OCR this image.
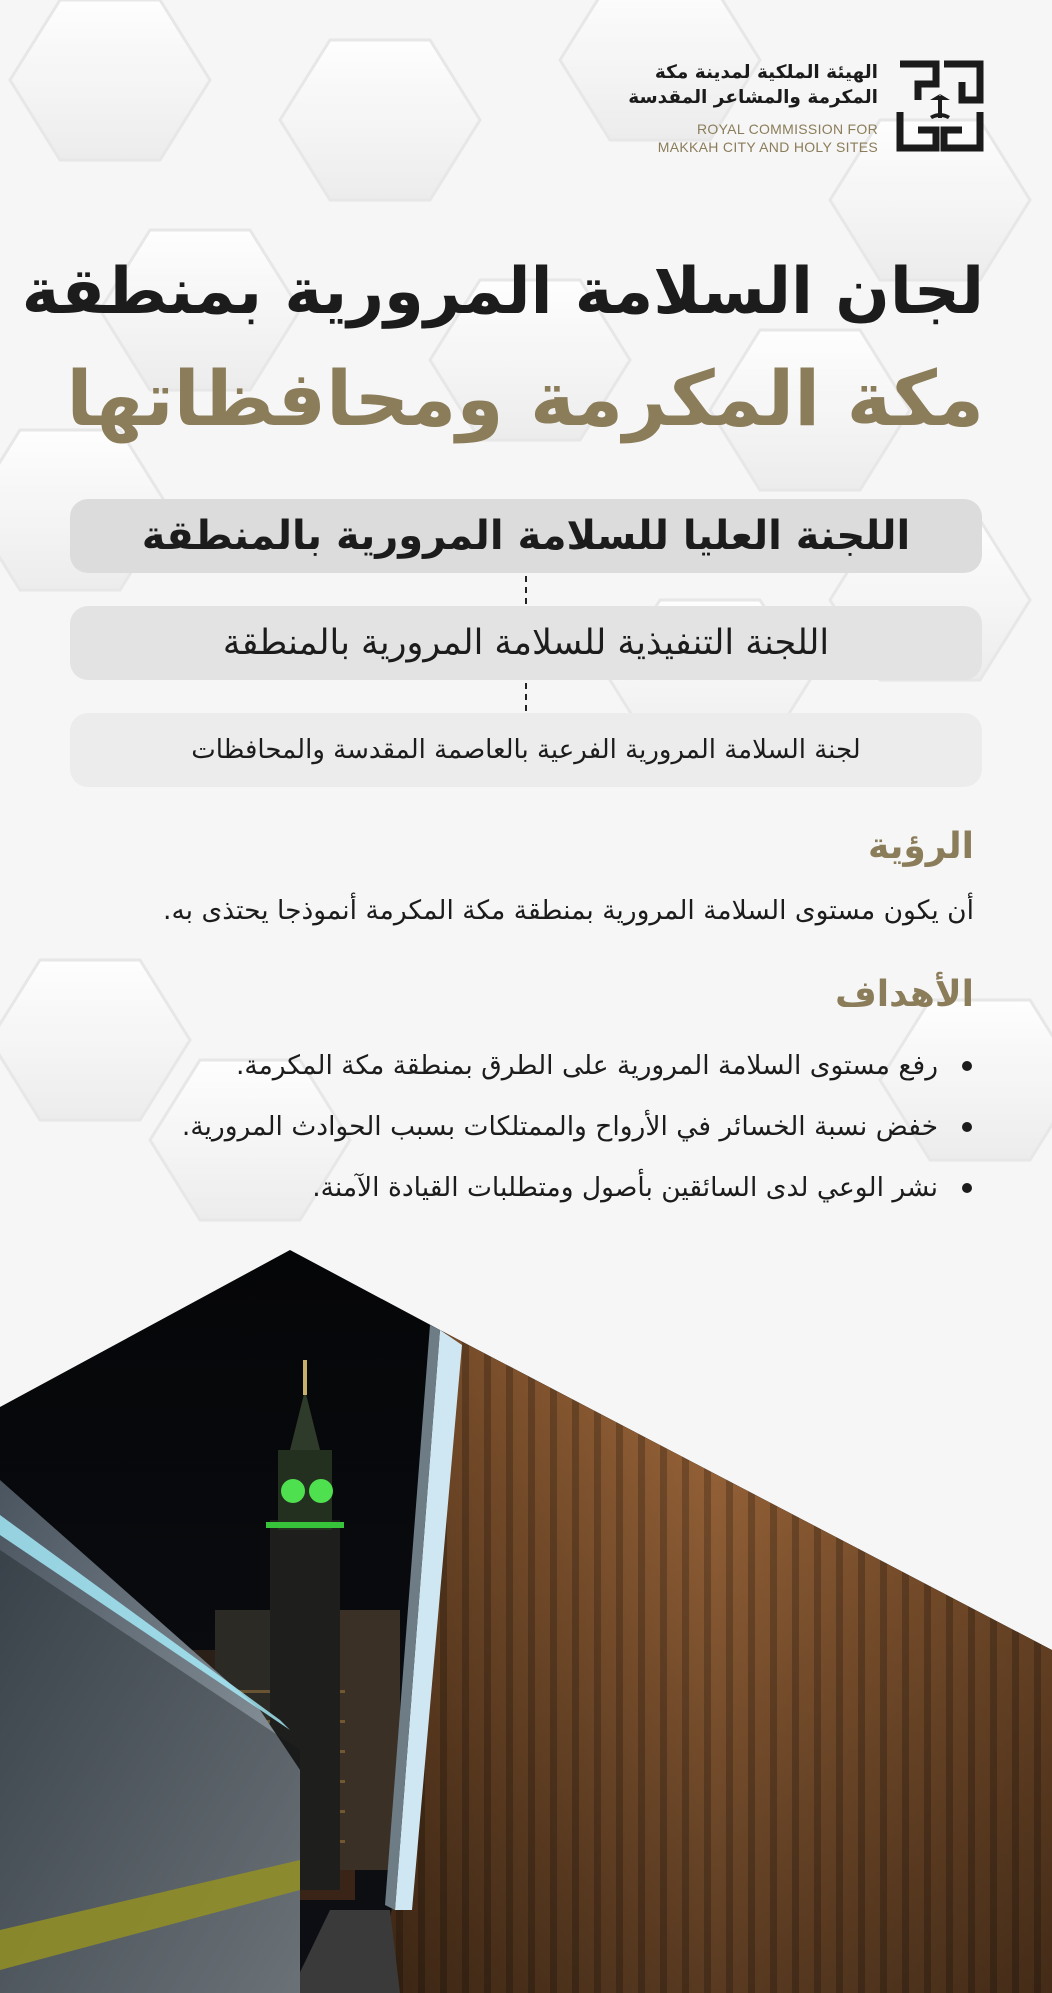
الهيئة الملكية لمدينة مكة
المكرمة والمشاعر المقدسة
ROYAL COMMISSION FOR
MAKKAH CITY AND HOLY SITES
لجان السلامة المرورية بمنطقة
مكة المكرمة ومحافظاتها
اللجنة العليا للسلامة المرورية بالمنطقة
اللجنة التنفيذية للسلامة المرورية بالمنطقة
لجنة السلامة المرورية الفرعية بالعاصمة المقدسة والمحافظات
الرؤية

أن يكون مستوى السلامة المرورية بمنطقة مكة المكرمة أنموذجا يحتذى به.

الأهداف
رفع مستوى السلامة المرورية على الطرق بمنطقة مكة المكرمة.
خفض نسبة الخسائر في الأرواح والممتلكات بسبب الحوادث المرورية.
نشر الوعي لدى السائقين بأصول ومتطلبات القيادة الآمنة.
